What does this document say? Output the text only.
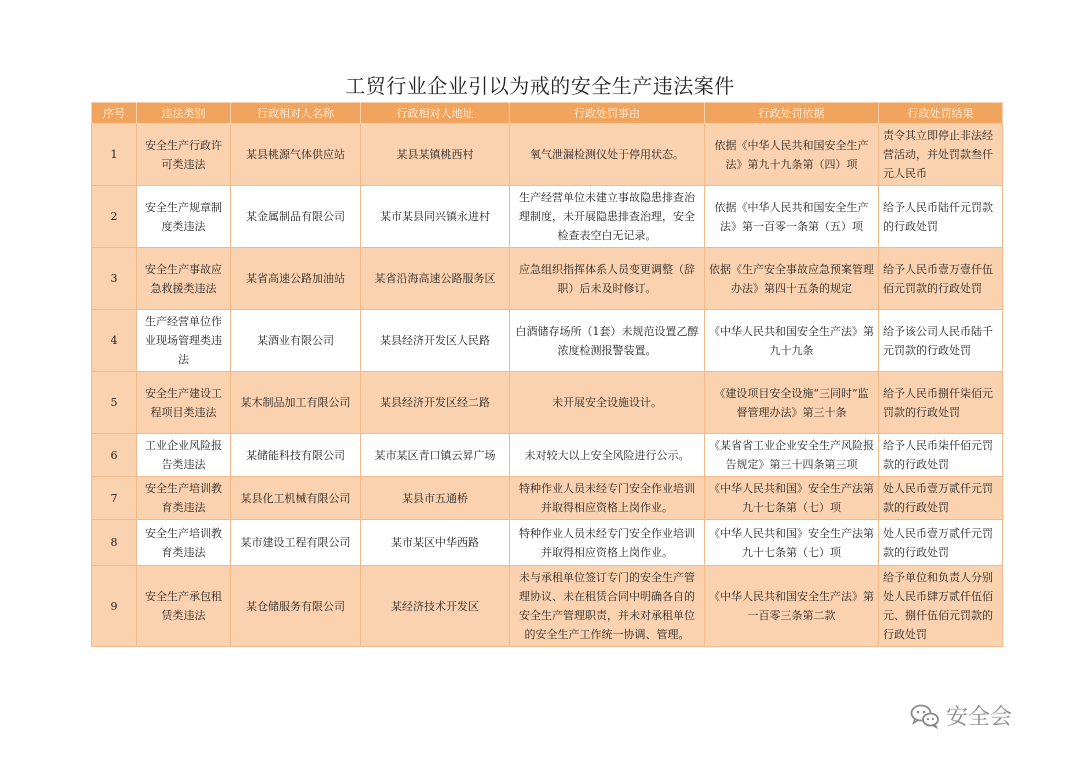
工贸行业企业引以为戒的安全生产违法案件
序号	违法类别	行政相对人名称	行政相对人地址	行政处罚事由	行政处罚依据	行政处罚结果
1	安全生产行政许可类违法	某县桃源气体供应站	某县某镇桃西村	氧气泄漏检测仪处于停用状态。	依据《中华人民共和国安全生产法》第九十九条第（四）项	责令其立即停止非法经营活动，并处罚款叁仟元人民币
2	安全生产规章制度类违法	某金属制品有限公司	某市某县同兴镇永进村	生产经营单位未建立事故隐患排查治理制度，未开展隐患排查治理，安全检查表空白无记录。	依据《中华人民共和国安全生产法》第一百零一条第（五）项	给予人民币陆仟元罚款的行政处罚
3	安全生产事故应急救援类违法	某省高速公路加油站	某省沿海高速公路服务区	应急组织指挥体系人员变更调整（辞职）后未及时修订。	依据《生产安全事故应急预案管理办法》第四十五条的规定	给予人民币壹万壹仟伍佰元罚款的行政处罚
4	生产经营单位作业现场管理类违法	某酒业有限公司	某县经济开发区人民路	白酒储存场所（1套）未规范设置乙醇浓度检测报警装置。	《中华人民共和国安全生产法》第九十九条	给予该公司人民币陆千元罚款的行政处罚
5	安全生产建设工程项目类违法	某木制品加工有限公司	某县经济开发区经二路	未开展安全设施设计。	《建设项目安全设施“三同时”监督管理办法》第三十条	给予人民币捌仟柒佰元罚款的行政处罚
6	工业企业风险报告类违法	某储能科技有限公司	某市某区青口镇云昇广场	未对较大以上安全风险进行公示。	《某省省工业企业安全生产风险报告规定》第三十四条第三项	给予人民币柒仟佰元罚款的行政处罚
7	安全生产培训教育类违法	某县化工机械有限公司	某县市五通桥	特种作业人员未经专门安全作业培训并取得相应资格上岗作业。	《中华人民共和国》安全生产法第九十七条第（七）项	处人民币壹万贰仟元罚款的行政处罚
8	安全生产培训教育类违法	某市建设工程有限公司	某市某区中华西路	特种作业人员未经专门安全作业培训并取得相应资格上岗作业。	《中华人民共和国》安全生产法第九十七条第（七）项	处人民币壹万贰仟元罚款的行政处罚
9	安全生产承包租赁类违法	某仓储服务有限公司	某经济技术开发区	未与承租单位签订专门的安全生产管理协议、未在租赁合同中明确各自的安全生产管理职责，并未对承租单位的安全生产工作统一协调、管理。	《中华人民共和国安全生产法》第一百零三条第二款	给予单位和负责人分别处人民币肆万贰仟伍佰元、捌仟伍佰元罚款的行政处罚
安全会
